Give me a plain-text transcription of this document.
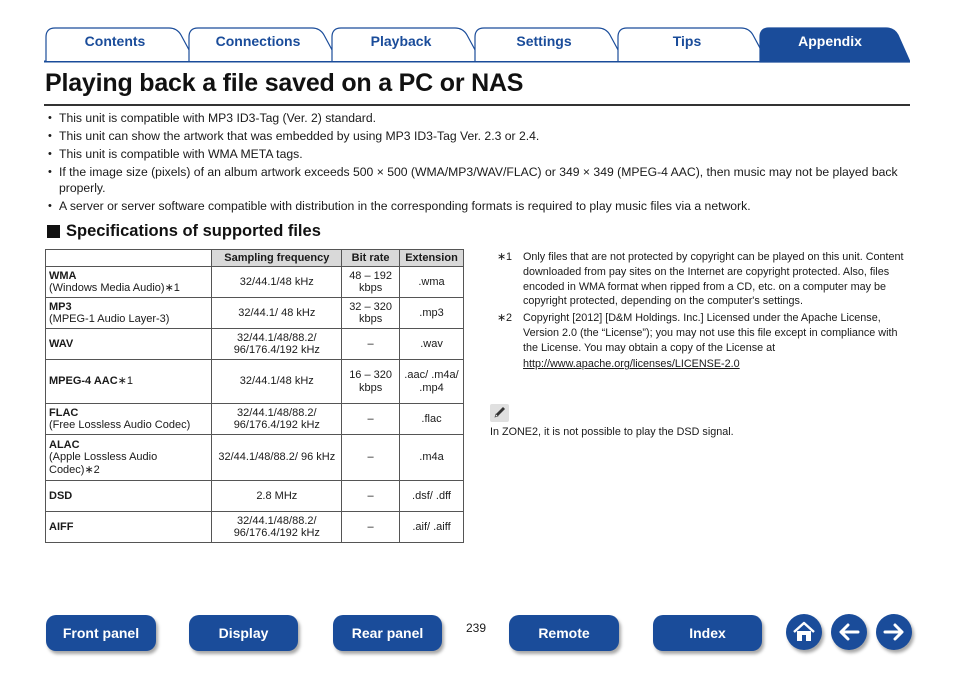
Contents	Connections	Playback	Settings	Tips	Appendix
Playing back a file saved on a PC or NAS
• This unit is compatible with MP3 ID3-Tag (Ver. 2) standard.
• This unit can show the artwork that was embedded by using MP3 ID3-Tag Ver. 2.3 or 2.4.
• This unit is compatible with WMA META tags.
• If the image size (pixels) of an album artwork exceeds 500 × 500 (WMA/MP3/WAV/FLAC) or 349 × 349 (MPEG-4 AAC), then music may not be played back properly.
• A server or server software compatible with distribution in the corresponding formats is required to play music files via a network.
Specifications of supported files
	Sampling frequency	Bit rate	Extension
WMA
(Windows Media Audio)∗1	32/44.1/48 kHz	48 – 192 kbps	.wma
MP3
(MPEG-1 Audio Layer-3)	32/44.1/ 48 kHz	32 – 320 kbps	.mp3
WAV	32/44.1/48/88.2/ 96/176.4/192 kHz	–	.wav
MPEG-4 AAC∗1	32/44.1/48 kHz	16 – 320 kbps	.aac/ .m4a/ .mp4
FLAC
(Free Lossless Audio Codec)	32/44.1/48/88.2/ 96/176.4/192 kHz	–	.flac
ALAC
(Apple Lossless Audio Codec)∗2	32/44.1/48/88.2/ 96 kHz	–	.m4a
DSD	2.8 MHz	–	.dsf/ .dff
AIFF	32/44.1/48/88.2/ 96/176.4/192 kHz	–	.aif/ .aiff
∗1	Only files that are not protected by copyright can be played on this unit. Content downloaded from pay sites on the Internet are copyright protected. Also, files encoded in WMA format when ripped from a CD, etc. on a computer may be copyright protected, depending on the computer's settings.
∗2	Copyright [2012] [D&M Holdings. Inc.] Licensed under the Apache License, Version 2.0 (the “License”); you may not use this file except in compliance with the License. You may obtain a copy of the License at
http://www.apache.org/licenses/LICENSE-2.0
In ZONE2, it is not possible to play the DSD signal.
Front panel	Display	Rear panel	239	Remote	Index
